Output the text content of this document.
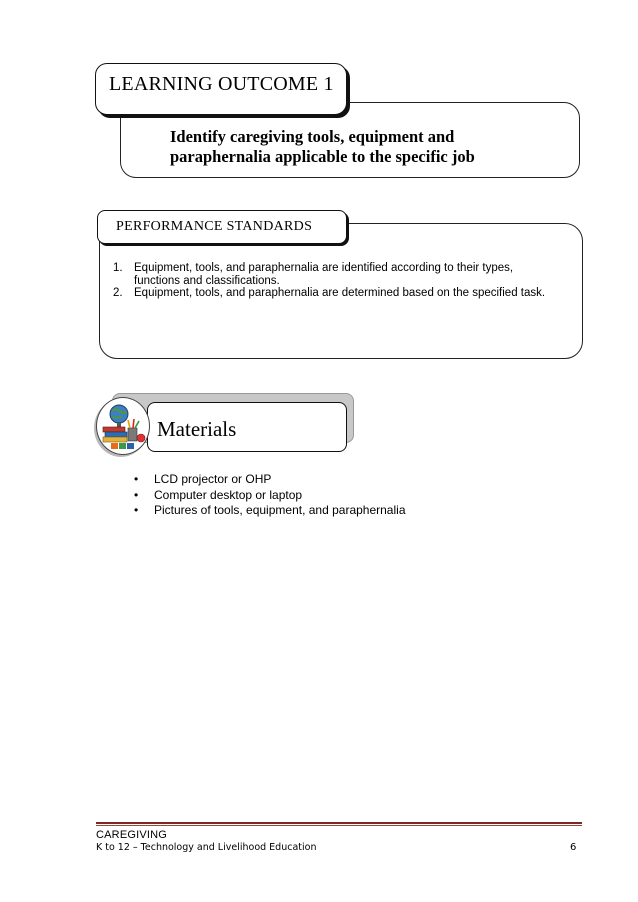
LEARNING OUTCOME 1
Identify caregiving tools, equipment and
paraphernalia applicable to the specific job
PERFORMANCE STANDARDS
1. Equipment, tools, and paraphernalia are identified according to their types,
functions and classifications.
2. Equipment, tools, and paraphernalia are determined based on the specified task.
Materials
• LCD projector or OHP
• Computer desktop or laptop
• Pictures of tools, equipment, and paraphernalia
CAREGIVING
K to 12 – Technology and Livelihood Education	6
